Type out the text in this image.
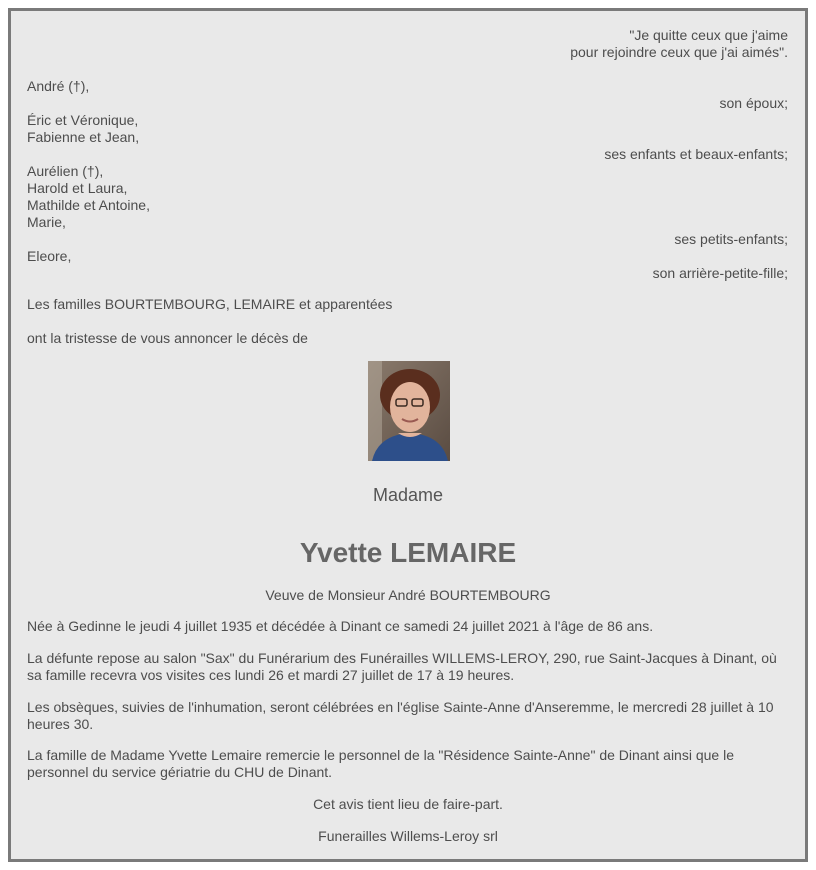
"Je quitte ceux que j'aime
pour rejoindre ceux que j'ai aimés".
André (†),
son époux;
Éric et Véronique,
Fabienne et Jean,
ses enfants et beaux-enfants;
Aurélien (†),
Harold et Laura,
Mathilde et Antoine,
Marie,
ses petits-enfants;
Eleore,
son arrière-petite-fille;
Les familles BOURTEMBOURG, LEMAIRE et apparentées
ont la tristesse de vous annoncer le décès de
Madame
Yvette LEMAIRE
Veuve de Monsieur André BOURTEMBOURG
Née à Gedinne le jeudi 4 juillet 1935 et décédée à Dinant ce samedi 24 juillet 2021 à l'âge de 86 ans.
La défunte repose au salon "Sax" du Funérarium des Funérailles WILLEMS-LEROY, 290, rue Saint-Jacques à Dinant, où sa famille recevra vos visites ces lundi 26 et mardi 27 juillet de 17 à 19 heures.
Les obsèques, suivies de l'inhumation, seront célébrées en l'église Sainte-Anne d'Anseremme, le mercredi 28 juillet à 10 heures 30.
La famille de Madame Yvette Lemaire remercie le personnel de la "Résidence Sainte-Anne" de Dinant ainsi que le personnel du service gériatrie du CHU de Dinant.
Cet avis tient lieu de faire-part.
Funerailles Willems-Leroy srl
